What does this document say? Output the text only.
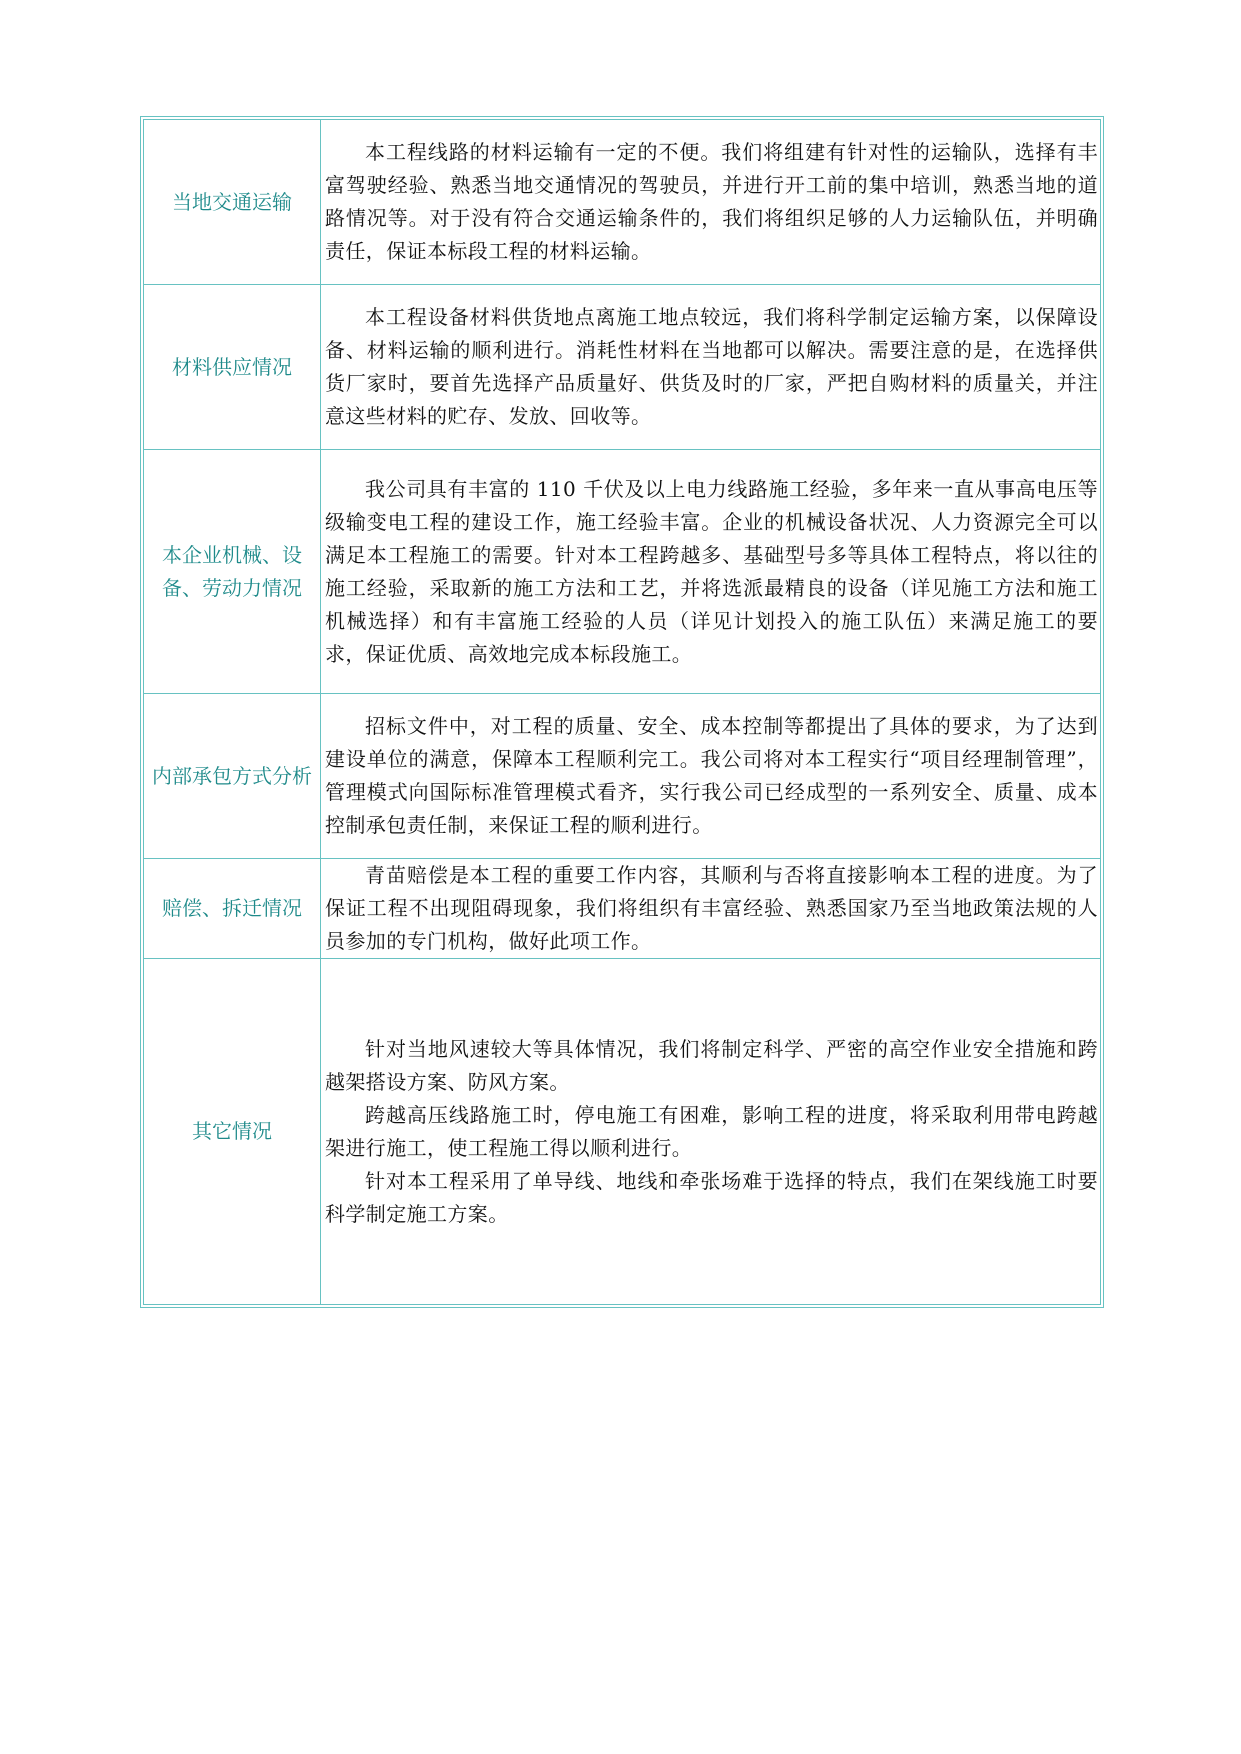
当地交通运输	本工程线路的材料运输有一定的不便。我们将组建有针对性的运输队，选择有丰富驾驶经验、熟悉当地交通情况的驾驶员，并进行开工前的集中培训，熟悉当地的道路情况等。对于没有符合交通运输条件的，我们将组织足够的人力运输队伍，并明确责任，保证本标段工程的材料运输。

材料供应情况	本工程设备材料供货地点离施工地点较远，我们将科学制定运输方案，以保障设备、材料运输的顺利进行。消耗性材料在当地都可以解决。需要注意的是，在选择供货厂家时，要首先选择产品质量好、供货及时的厂家，严把自购材料的质量关，并注意这些材料的贮存、发放、回收等。

本企业机械、设备、劳动力情况	我公司具有丰富的 110 千伏及以上电力线路施工经验，多年来一直从事高电压等级输变电工程的建设工作，施工经验丰富。企业的机械设备状况、人力资源完全可以满足本工程施工的需要。针对本工程跨越多、基础型号多等具体工程特点，将以往的施工经验，采取新的施工方法和工艺，并将选派最精良的设备（详见施工方法和施工机械选择）和有丰富施工经验的人员（详见计划投入的施工队伍）来满足施工的要求，保证优质、高效地完成本标段施工。

内部承包方式分析	招标文件中，对工程的质量、安全、成本控制等都提出了具体的要求，为了达到建设单位的满意，保障本工程顺利完工。我公司将对本工程实行“项目经理制管理”，管理模式向国际标准管理模式看齐，实行我公司已经成型的一系列安全、质量、成本控制承包责任制，来保证工程的顺利进行。

赔偿、拆迁情况	青苗赔偿是本工程的重要工作内容，其顺利与否将直接影响本工程的进度。为了保证工程不出现阻碍现象，我们将组织有丰富经验、熟悉国家乃至当地政策法规的人员参加的专门机构，做好此项工作。

其它情况	针对当地风速较大等具体情况，我们将制定科学、严密的高空作业安全措施和跨越架搭设方案、防风方案。

跨越高压线路施工时，停电施工有困难，影响工程的进度，将采取利用带电跨越架进行施工，使工程施工得以顺利进行。

针对本工程采用了单导线、地线和牵张场难于选择的特点，我们在架线施工时要科学制定施工方案。
